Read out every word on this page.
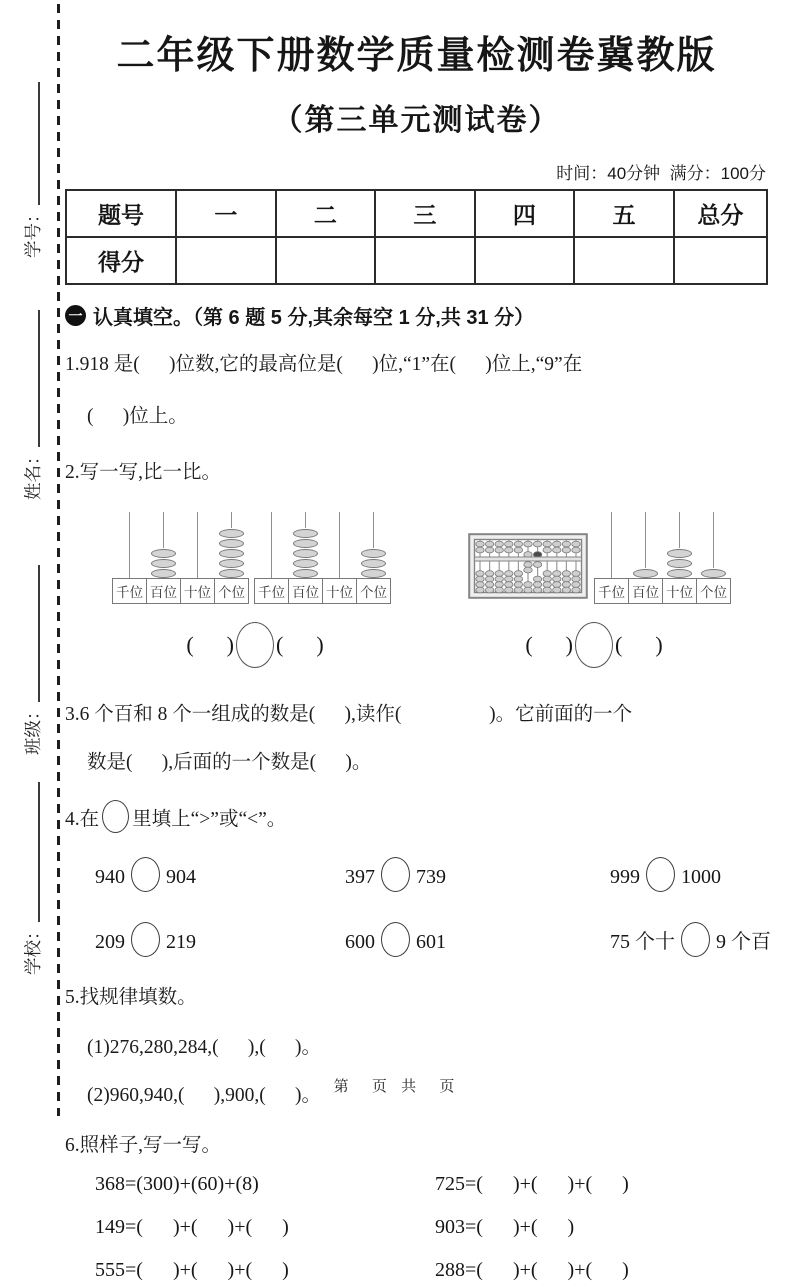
学号：
姓名：
班级：
学校：
二年级下册数学质量检测卷冀教版
（第三单元测试卷）
时间：40分钟  满分：100分
题号	一	二	三	四	五	总分
得分						
一 认真填空。（第 6 题 5 分,其余每空 1 分,共 31 分）
1.918 是(      )位数,它的最高位是(      )位,“1”在(      )位上,“9”在
(      )位上。
2.写一写,比一比。
千位 百位 十位 个位 千位 百位 十位 个位	千位 百位 十位 个位
(      ) (      )	(      ) (      )
3.6 个百和 8 个一组成的数是(      ),读作(                  )。它前面的一个
数是(      ),后面的一个数是(      )。
4.在 里填上“>”或“<”。
940 904	397 739	999 1000
209 219	600 601	75 个十 9 个百
5.找规律填数。
(1)276,280,284,(      ),(      )。
(2)960,940,(      ),900,(      )。
6.照样子,写一写。
368=(300)+(60)+(8)	725=(      )+(      )+(      )
149=(      )+(      )+(      )	903=(      )+(      )
555=(      )+(      )+(      )	288=(      )+(      )+(      )
第  页 共  页
